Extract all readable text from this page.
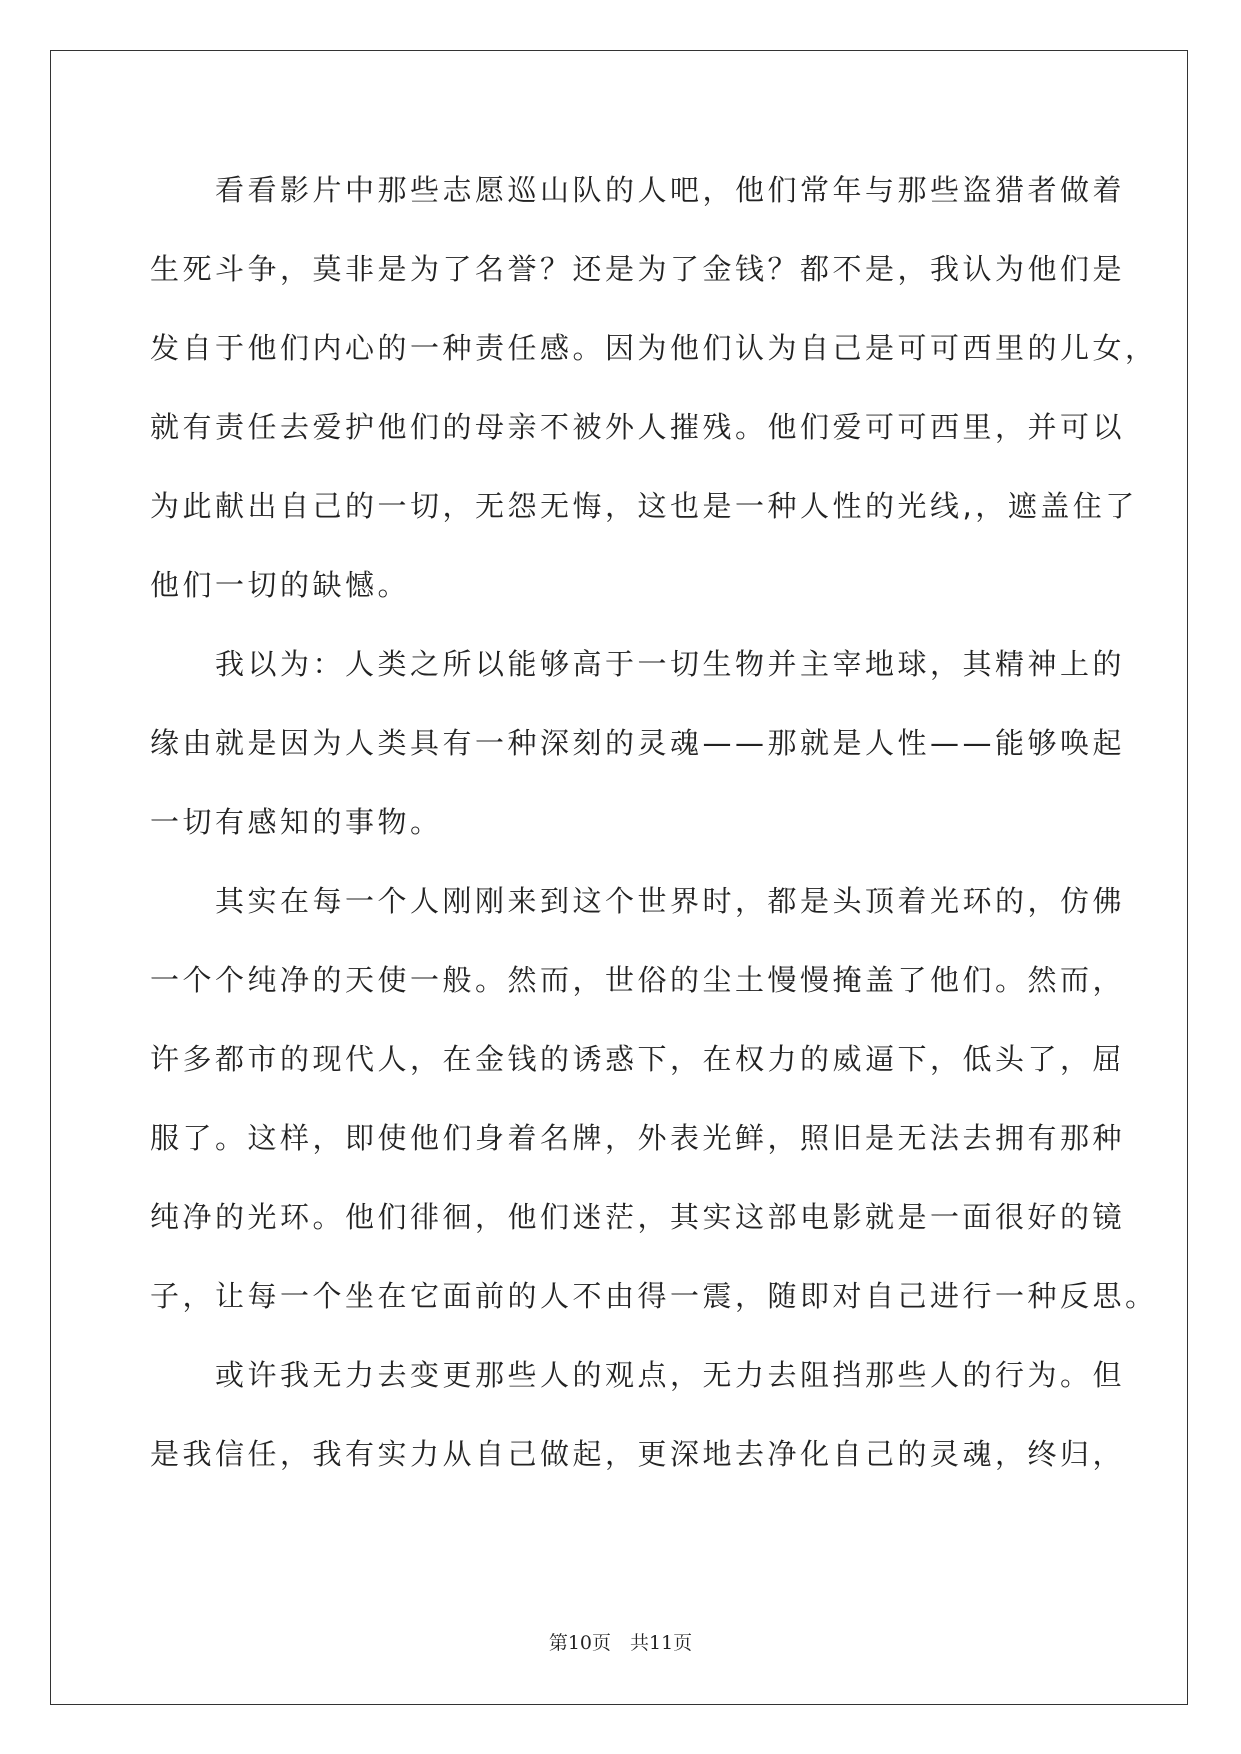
　　看看影片中那些志愿巡山队的人吧，他们常年与那些盗猎者做着
生死斗争，莫非是为了名誉？还是为了金钱？都不是，我认为他们是
发自于他们内心的一种责任感。因为他们认为自己是可可西里的儿女，
就有责任去爱护他们的母亲不被外人摧残。他们爱可可西里，并可以
为此献出自己的一切，无怨无悔，这也是一种人性的光线,，遮盖住了
他们一切的缺憾。
　　我以为：人类之所以能够高于一切生物并主宰地球，其精神上的
缘由就是因为人类具有一种深刻的灵魂——那就是人性——能够唤起
一切有感知的事物。
　　其实在每一个人刚刚来到这个世界时，都是头顶着光环的，仿佛
一个个纯净的天使一般。然而，世俗的尘土慢慢掩盖了他们。然而，
许多都市的现代人，在金钱的诱惑下，在权力的威逼下，低头了，屈
服了。这样，即使他们身着名牌，外表光鲜，照旧是无法去拥有那种
纯净的光环。他们徘徊，他们迷茫，其实这部电影就是一面很好的镜
子，让每一个坐在它面前的人不由得一震，随即对自己进行一种反思。
　　或许我无力去变更那些人的观点，无力去阻挡那些人的行为。但
是我信任，我有实力从自己做起，更深地去净化自己的灵魂，终归，
第10页　共11页
